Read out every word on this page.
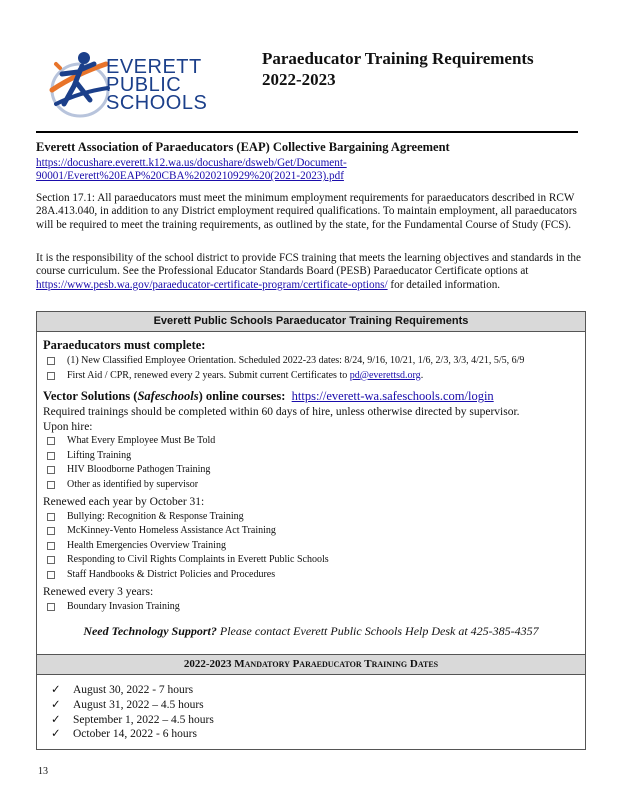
EVERETT
PUBLIC
SCHOOLS
Paraeducator Training Requirements
2022-2023
Everett Association of Paraeducators (EAP) Collective Bargaining Agreement
https://docushare.everett.k12.wa.us/docushare/dsweb/Get/Document-
90001/Everett%20EAP%20CBA%2020210929%20(2021-2023).pdf
Section 17.1: All paraeducators must meet the minimum employment requirements for paraeducators described in RCW 28A.413.040, in addition to any District employment required qualifications. To maintain employment, all paraeducators will be required to meet the training requirements, as outlined by the state, for the Fundamental Course of Study (FCS).
It is the responsibility of the school district to provide FCS training that meets the learning objectives and standards in the course curriculum. See the Professional Educator Standards Board (PESB) Paraeducator Certificate options at https://www.pesb.wa.gov/paraeducator-certificate-program/certificate-options/ for detailed information.
Everett Public Schools Paraeducator Training Requirements
Paraeducators must complete:
(1) New Classified Employee Orientation. Scheduled 2022-23 dates: 8/24, 9/16, 10/21, 1/6, 2/3, 3/3, 4/21, 5/5, 6/9
First Aid / CPR, renewed every 2 years. Submit current Certificates to pd@everettsd.org.
Vector Solutions (Safeschools) online courses: https://everett-wa.safeschools.com/login
Required trainings should be completed within 60 days of hire, unless otherwise directed by supervisor.
Upon hire:
What Every Employee Must Be Told
Lifting Training
HIV Bloodborne Pathogen Training
Other as identified by supervisor
Renewed each year by October 31:
Bullying: Recognition & Response Training
McKinney-Vento Homeless Assistance Act Training
Health Emergencies Overview Training
Responding to Civil Rights Complaints in Everett Public Schools
Staff Handbooks & District Policies and Procedures
Renewed every 3 years:
Boundary Invasion Training
Need Technology Support? Please contact Everett Public Schools Help Desk at 425-385-4357
2022-2023 Mandatory Paraeducator Training Dates
✓	August 30, 2022 - 7 hours
✓	August 31, 2022 – 4.5 hours
✓	September 1, 2022 – 4.5 hours
✓	October 14, 2022 - 6 hours
13
